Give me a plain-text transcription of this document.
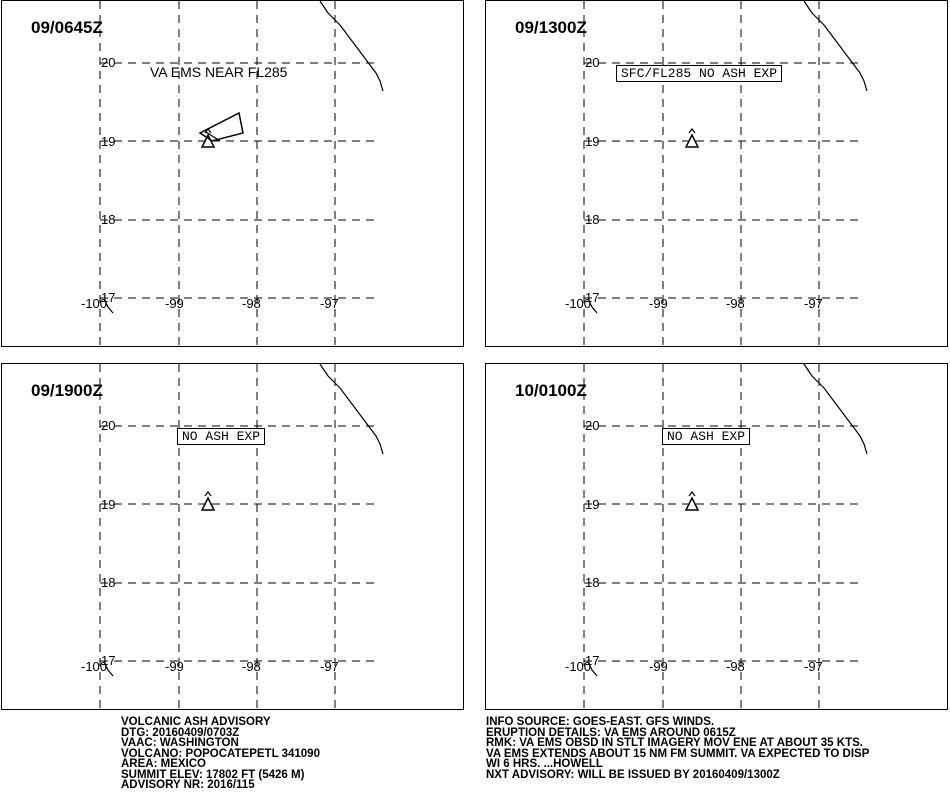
09/0645Z
20
19
18
17
-100	-99	-98	-97
VA EMS NEAR FL285
09/1300Z
20
19
18
17
-100	-99	-98	-97
SFC/FL285 NO ASH EXP
09/1900Z
20
19
18
17
-100	-99	-98	-97
NO ASH EXP
10/0100Z
20
19
18
17
-100	-99	-98	-97
NO ASH EXP
VOLCANIC ASH ADVISORY
DTG: 20160409/0703Z
VAAC: WASHINGTON
VOLCANO: POPOCATEPETL 341090
AREA: MEXICO
SUMMIT ELEV: 17802 FT (5426 M)
ADVISORY NR: 2016/115
INFO SOURCE: GOES-EAST. GFS WINDS.
ERUPTION DETAILS: VA EMS AROUND 0615Z
RMK: VA EMS OBSD IN STLT IMAGERY MOV ENE AT ABOUT 35 KTS.
VA EMS EXTENDS ABOUT 15 NM FM SUMMIT. VA EXPECTED TO DISP
WI 6 HRS. ...HOWELL
NXT ADVISORY: WILL BE ISSUED BY 20160409/1300Z
